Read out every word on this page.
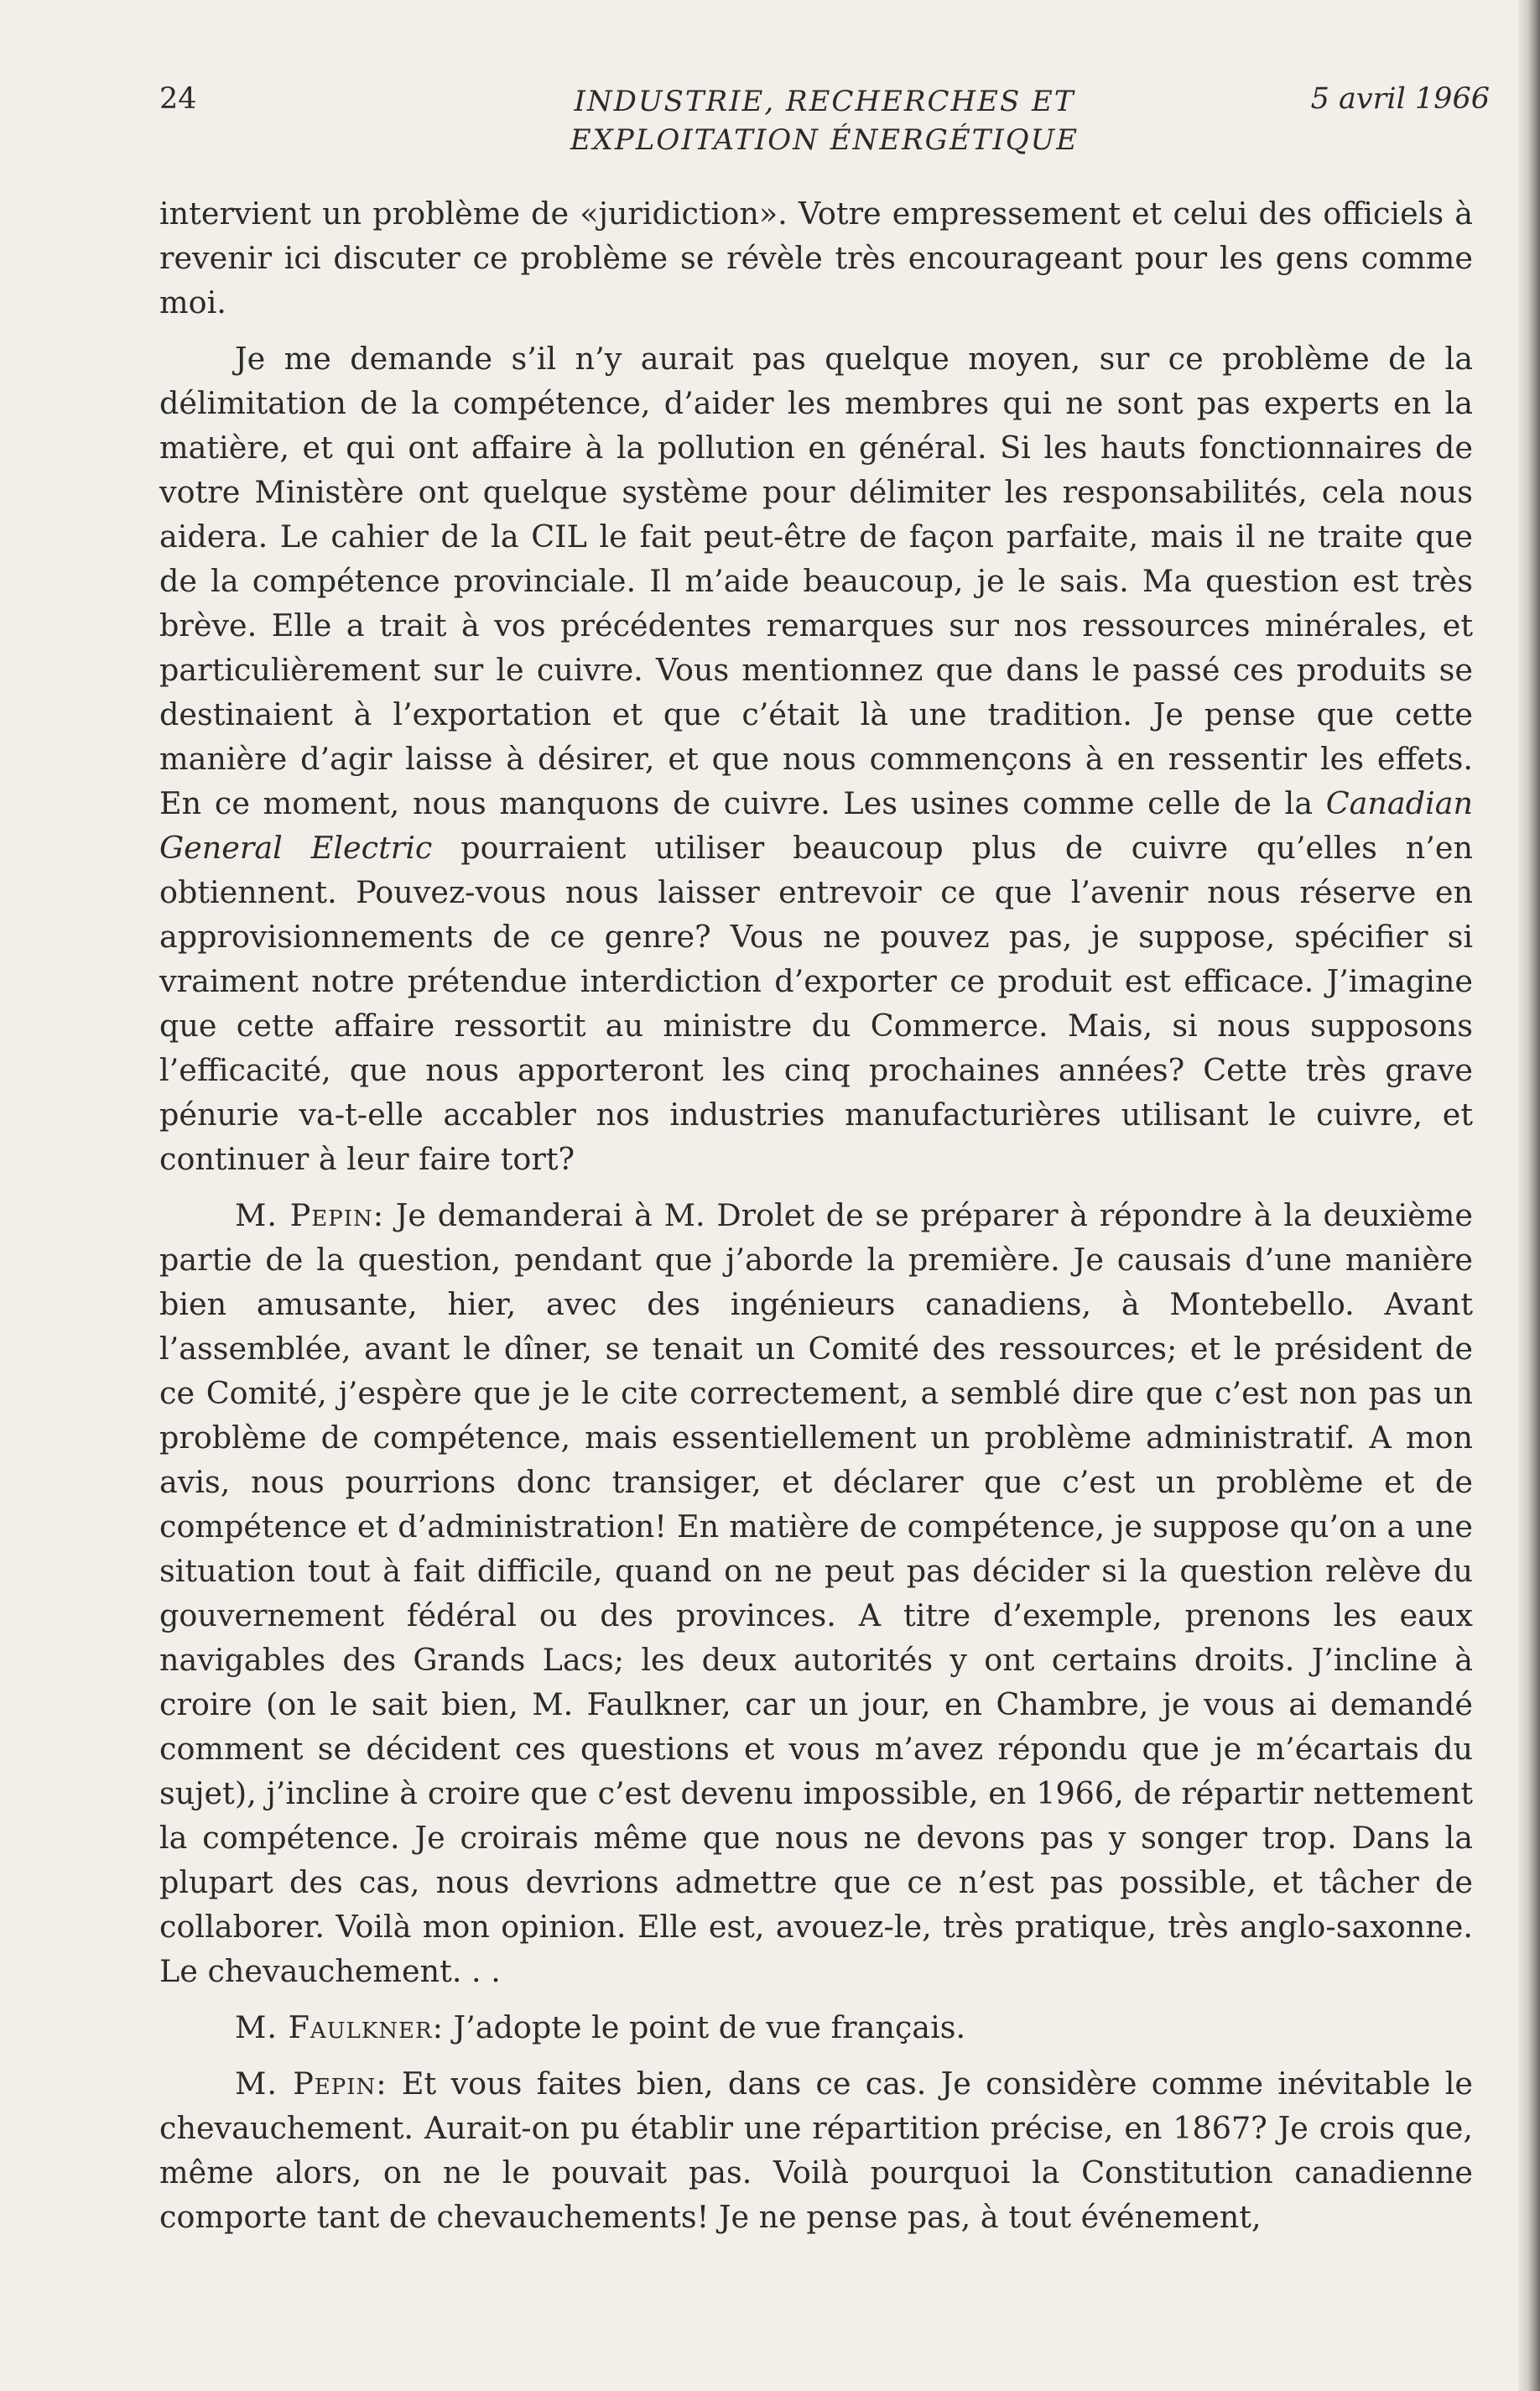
24	INDUSTRIE, RECHERCHES ET
EXPLOITATION ÉNERGÉTIQUE
5 avril 1966

intervient un problème de «juridiction». Votre empressement et celui des officiels à revenir ici discuter ce problème se révèle très encourageant pour les gens comme moi.

Je me demande s’il n’y aurait pas quelque moyen, sur ce problème de la délimitation de la compétence, d’aider les membres qui ne sont pas experts en la matière, et qui ont affaire à la pollution en général. Si les hauts fonctionnaires de votre Ministère ont quelque système pour délimiter les responsabilités, cela nous aidera. Le cahier de la CIL le fait peut-être de façon parfaite, mais il ne traite que de la compétence provinciale. Il m’aide beaucoup, je le sais. Ma question est très brève. Elle a trait à vos précédentes remarques sur nos ressources minérales, et particulièrement sur le cuivre. Vous mentionnez que dans le passé ces produits se destinaient à l’exportation et que c’était là une tradition. Je pense que cette manière d’agir laisse à désirer, et que nous commençons à en ressentir les effets. En ce moment, nous manquons de cuivre. Les usines comme celle de la Canadian General Electric pourraient utiliser beaucoup plus de cuivre qu’elles n’en obtiennent. Pouvez-vous nous laisser entrevoir ce que l’avenir nous réserve en approvisionnements de ce genre? Vous ne pouvez pas, je suppose, spécifier si vraiment notre prétendue interdiction d’exporter ce produit est efficace. J’imagine que cette affaire ressortit au ministre du Commerce. Mais, si nous supposons l’efficacité, que nous apporteront les cinq prochaines années? Cette très grave pénurie va-t-elle accabler nos industries manufacturières utilisant le cuivre, et continuer à leur faire tort?

M. Pepin: Je demanderai à M. Drolet de se préparer à répondre à la deuxième partie de la question, pendant que j’aborde la première. Je causais d’une manière bien amusante, hier, avec des ingénieurs canadiens, à Montebello. Avant l’assemblée, avant le dîner, se tenait un Comité des ressources; et le président de ce Comité, j’espère que je le cite correctement, a semblé dire que c’est non pas un problème de compétence, mais essentiellement un problème administratif. A mon avis, nous pourrions donc transiger, et déclarer que c’est un problème et de compétence et d’administration! En matière de compétence, je suppose qu’on a une situation tout à fait difficile, quand on ne peut pas décider si la question relève du gouvernement fédéral ou des provinces. A titre d’exemple, prenons les eaux navigables des Grands Lacs; les deux autorités y ont certains droits. J’incline à croire (on le sait bien, M. Faulkner, car un jour, en Chambre, je vous ai demandé comment se décident ces questions et vous m’avez répondu que je m’écartais du sujet), j’incline à croire que c’est devenu impossible, en 1966, de répartir nettement la compétence. Je croirais même que nous ne devons pas y songer trop. Dans la plupart des cas, nous devrions admettre que ce n’est pas possible, et tâcher de collaborer. Voilà mon opinion. Elle est, avouez-le, très pratique, très anglo-saxonne. Le chevauchement. . .

M. Faulkner: J’adopte le point de vue français.

M. Pepin: Et vous faites bien, dans ce cas. Je considère comme inévitable le chevauchement. Aurait-on pu établir une répartition précise, en 1867? Je crois que, même alors, on ne le pouvait pas. Voilà pourquoi la Constitution canadienne comporte tant de chevauchements! Je ne pense pas, à tout événement,
